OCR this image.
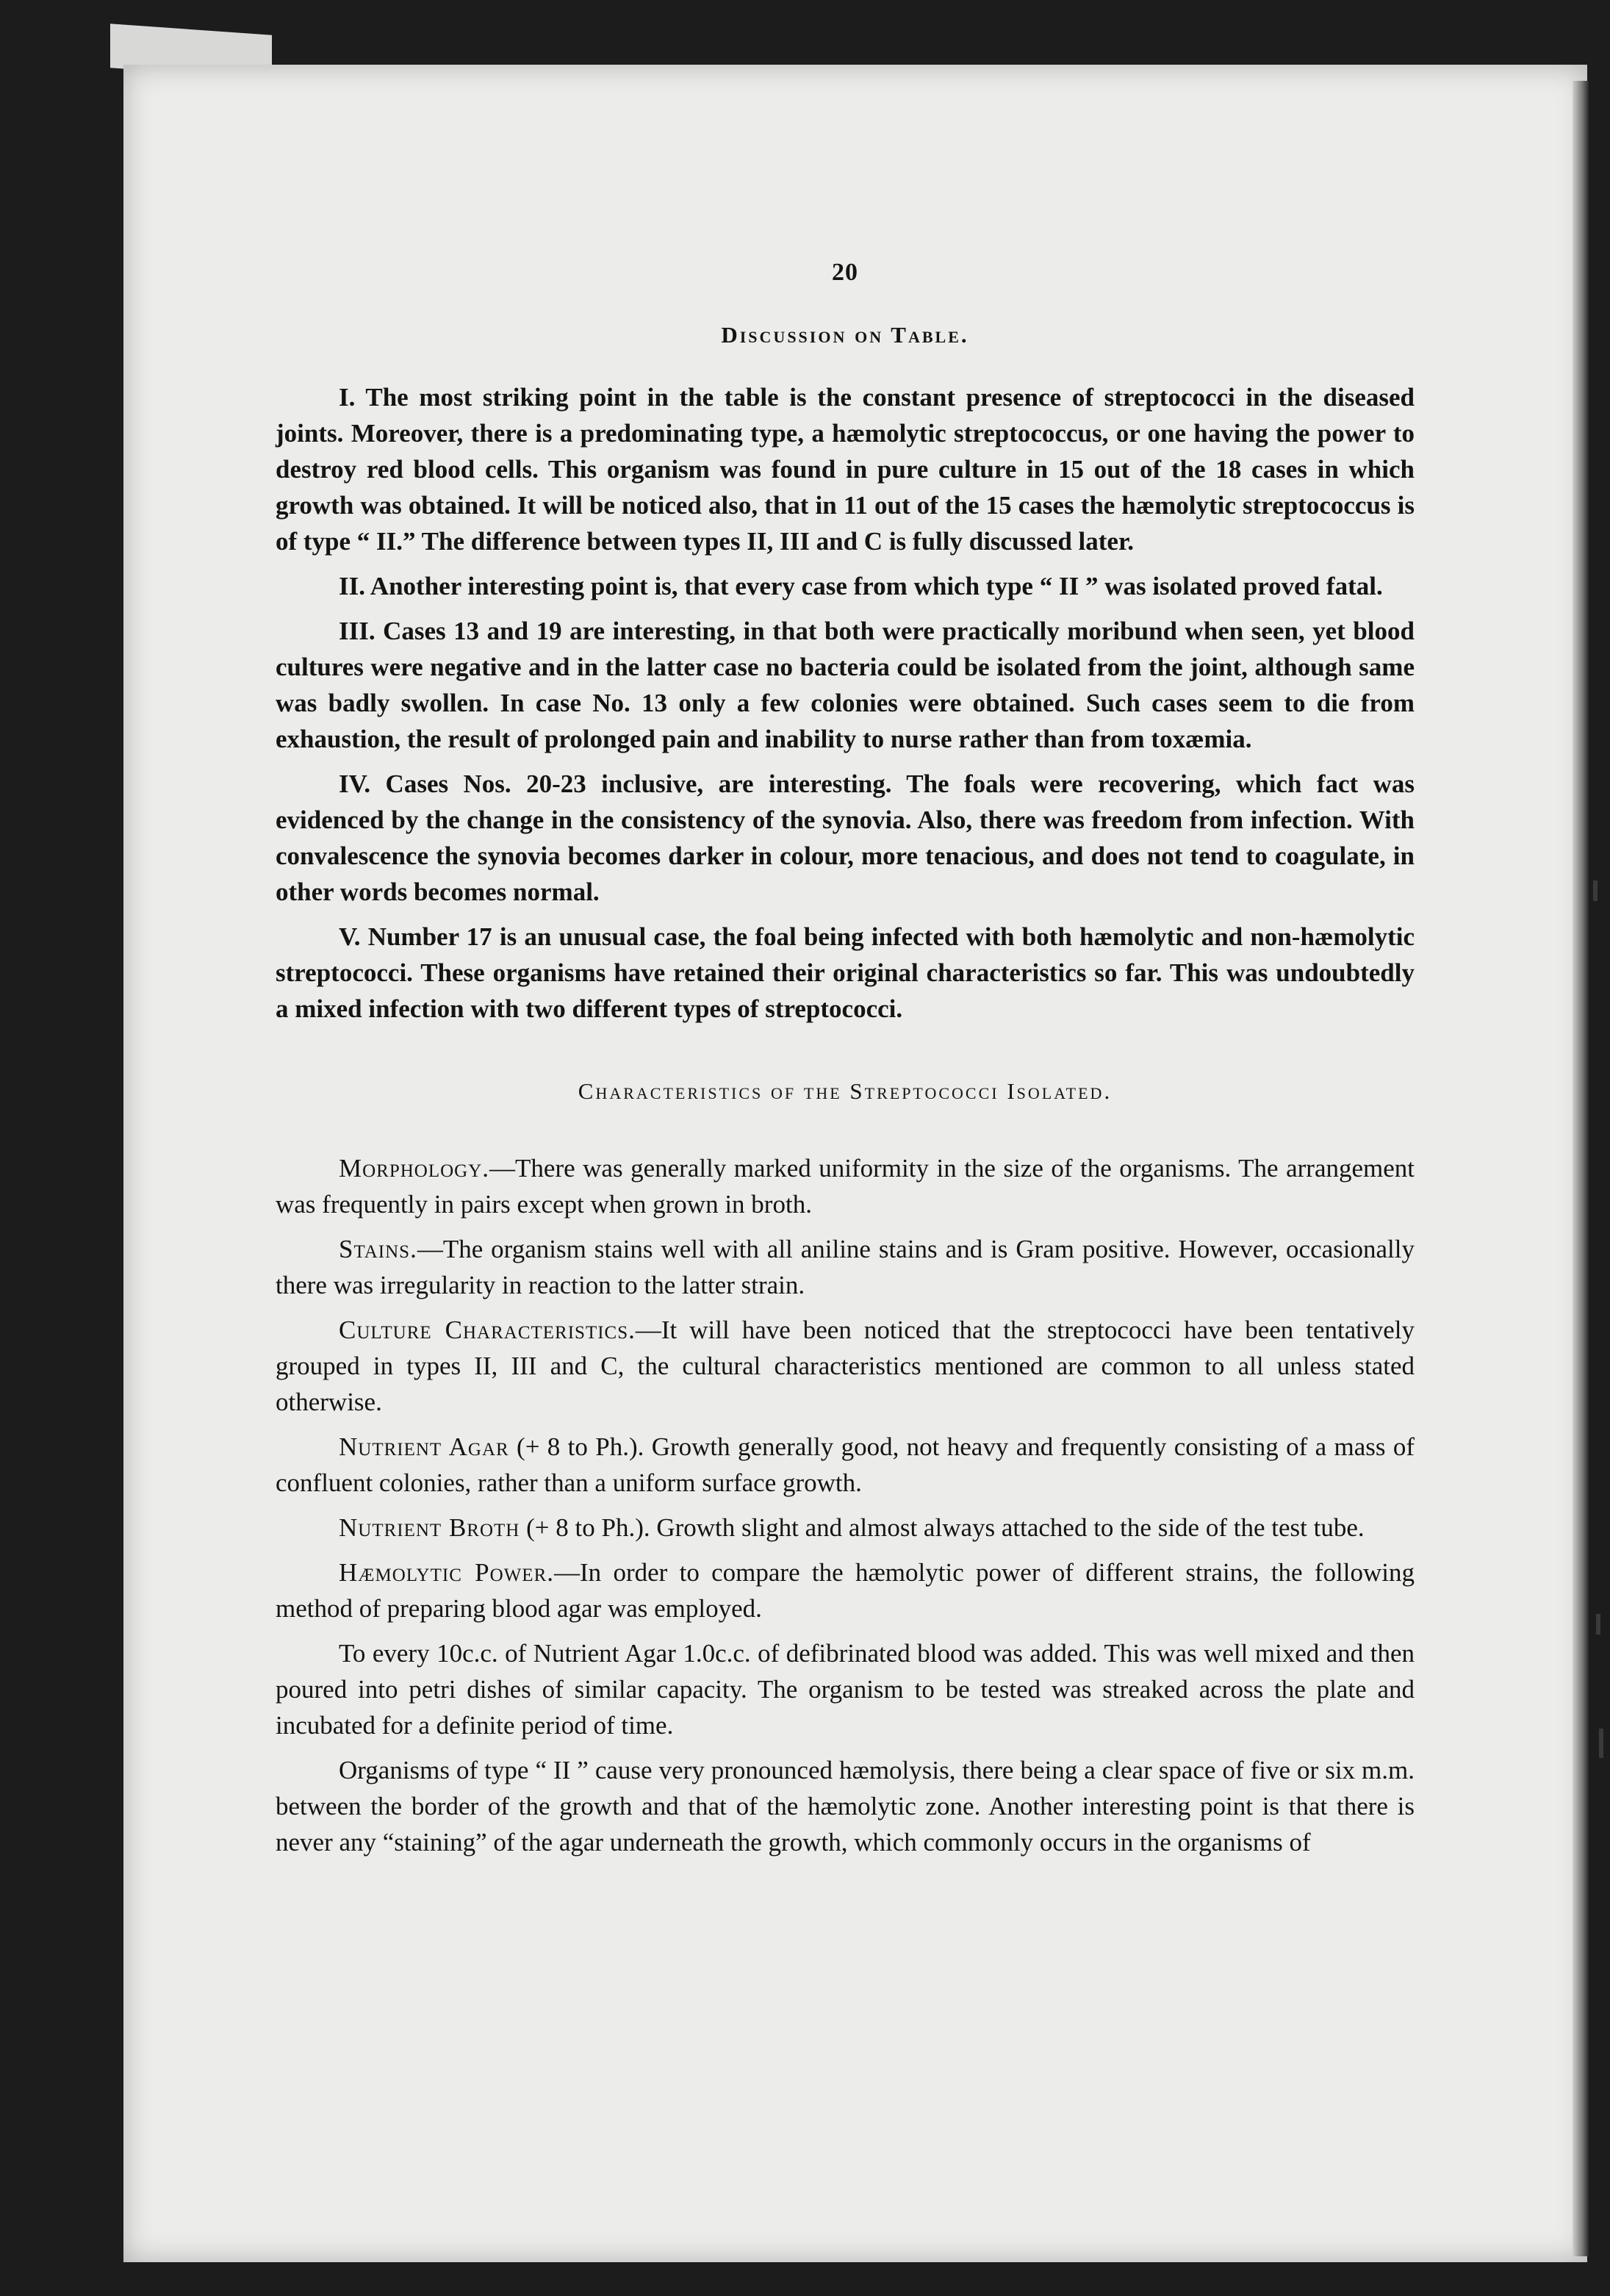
20
Discussion on Table.

I. The most striking point in the table is the constant presence of streptococci in the diseased joints. Moreover, there is a predominating type, a hæmolytic streptococcus, or one having the power to destroy red blood cells. This organism was found in pure culture in 15 out of the 18 cases in which growth was obtained. It will be noticed also, that in 11 out of the 15 cases the hæmolytic streptococcus is of type “ II.” The difference between types II, III and C is fully discussed later.

II. Another interesting point is, that every case from which type “ II ” was isolated proved fatal.

III. Cases 13 and 19 are interesting, in that both were practically moribund when seen, yet blood cultures were negative and in the latter case no bacteria could be isolated from the joint, although same was badly swollen. In case No. 13 only a few colonies were obtained. Such cases seem to die from exhaustion, the result of prolonged pain and inability to nurse rather than from toxæmia.

IV. Cases Nos. 20-23 inclusive, are interesting. The foals were recovering, which fact was evidenced by the change in the consistency of the synovia. Also, there was freedom from infection. With convalescence the synovia becomes darker in colour, more tenacious, and does not tend to coagulate, in other words becomes normal.

V. Number 17 is an unusual case, the foal being infected with both hæmolytic and non-hæmolytic streptococci. These organisms have retained their original characteristics so far. This was undoubtedly a mixed infection with two different types of streptococci.

Characteristics of the Streptococci Isolated.

Morphology.—There was generally marked uniformity in the size of the organisms. The arrangement was frequently in pairs except when grown in broth.

Stains.—The organism stains well with all aniline stains and is Gram positive. However, occasionally there was irregularity in reaction to the latter strain.

Culture Characteristics.—It will have been noticed that the streptococci have been tentatively grouped in types II, III and C, the cultural characteristics mentioned are common to all unless stated otherwise.

Nutrient Agar (+ 8 to Ph.). Growth generally good, not heavy and frequently consisting of a mass of confluent colonies, rather than a uniform surface growth.

Nutrient Broth (+ 8 to Ph.). Growth slight and almost always attached to the side of the test tube.

Hæmolytic Power.—In order to compare the hæmolytic power of different strains, the following method of preparing blood agar was employed.

To every 10c.c. of Nutrient Agar 1.0c.c. of defibrinated blood was added. This was well mixed and then poured into petri dishes of similar capacity. The organism to be tested was streaked across the plate and incubated for a definite period of time.

Organisms of type “ II ” cause very pronounced hæmolysis, there being a clear space of five or six m.m. between the border of the growth and that of the hæmolytic zone. Another interesting point is that there is never any “staining” of the agar underneath the growth, which commonly occurs in the organisms of
